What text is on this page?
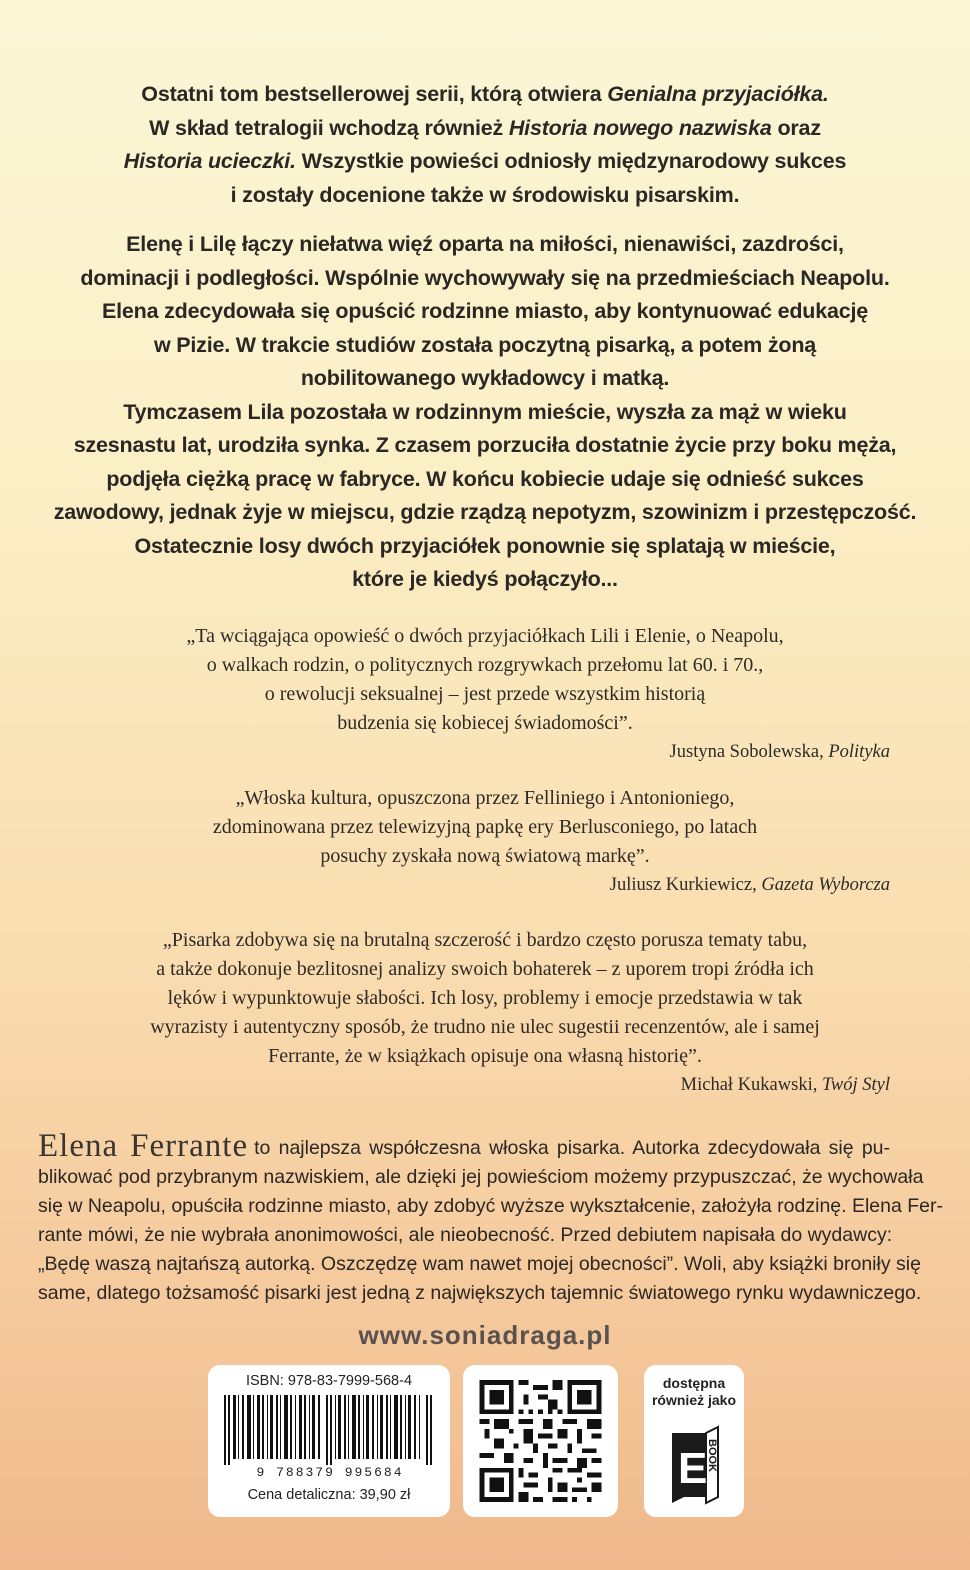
Ostatni tom bestsellerowej serii, którą otwiera Genialna przyjaciółka.
W skład tetralogii wchodzą również Historia nowego nazwiska oraz
Historia ucieczki. Wszystkie powieści odniosły międzynarodowy sukces
i zostały docenione także w środowisku pisarskim.
Elenę i Lilę łączy niełatwa więź oparta na miłości, nienawiści, zazdrości,
dominacji i podległości. Wspólnie wychowywały się na przedmieściach Neapolu.
Elena zdecydowała się opuścić rodzinne miasto, aby kontynuować edukację
w Pizie. W trakcie studiów została poczytną pisarką, a potem żoną
nobilitowanego wykładowcy i matką.
Tymczasem Lila pozostała w rodzinnym mieście, wyszła za mąż w wieku
szesnastu lat, urodziła synka. Z czasem porzuciła dostatnie życie przy boku męża,
podjęła ciężką pracę w fabryce. W końcu kobiecie udaje się odnieść sukces
zawodowy, jednak żyje w miejscu, gdzie rządzą nepotyzm, szowinizm i przestępczość.
Ostatecznie losy dwóch przyjaciółek ponownie się splatają w mieście,
które je kiedyś połączyło...
„Ta wciągająca opowieść o dwóch przyjaciółkach Lili i Elenie, o Neapolu,
o walkach rodzin, o politycznych rozgrywkach przełomu lat 60. i 70.,
o rewolucji seksualnej – jest przede wszystkim historią
budzenia się kobiecej świadomości”.
Justyna Sobolewska, Polityka
„Włoska kultura, opuszczona przez Felliniego i Antonioniego,
zdominowana przez telewizyjną papkę ery Berlusconiego, po latach
posuchy zyskała nową światową markę”.
Juliusz Kurkiewicz, Gazeta Wyborcza
„Pisarka zdobywa się na brutalną szczerość i bardzo często porusza tematy tabu,
a także dokonuje bezlitosnej analizy swoich bohaterek – z uporem tropi źródła ich
lęków i wypunktowuje słabości. Ich losy, problemy i emocje przedstawia w tak
wyrazisty i autentyczny sposób, że trudno nie ulec sugestii recenzentów, ale i samej
Ferrante, że w książkach opisuje ona własną historię”.
Michał Kukawski, Twój Styl
Elena Ferrante to najlepsza współczesna włoska pisarka. Autorka zdecydowała się pu-
blikować pod przybranym nazwiskiem, ale dzięki jej powieściom możemy przypuszczać, że wychowała
się w Neapolu, opuściła rodzinne miasto, aby zdobyć wyższe wykształcenie, założyła rodzinę. Elena Fer-
rante mówi, że nie wybrała anonimowości, ale nieobecność. Przed debiutem napisała do wydawcy:
„Będę waszą najtańszą autorką. Oszczędzę wam nawet mojej obecności”. Woli, aby książki broniły się
same, dlatego tożsamość pisarki jest jedną z największych tajemnic światowego rynku wydawniczego.
www.soniadraga.pl
ISBN: 978-83-7999-568-4
9 788379 995684
Cena detaliczna: 39,90 zł
dostępna
również jako
E
BOOK
